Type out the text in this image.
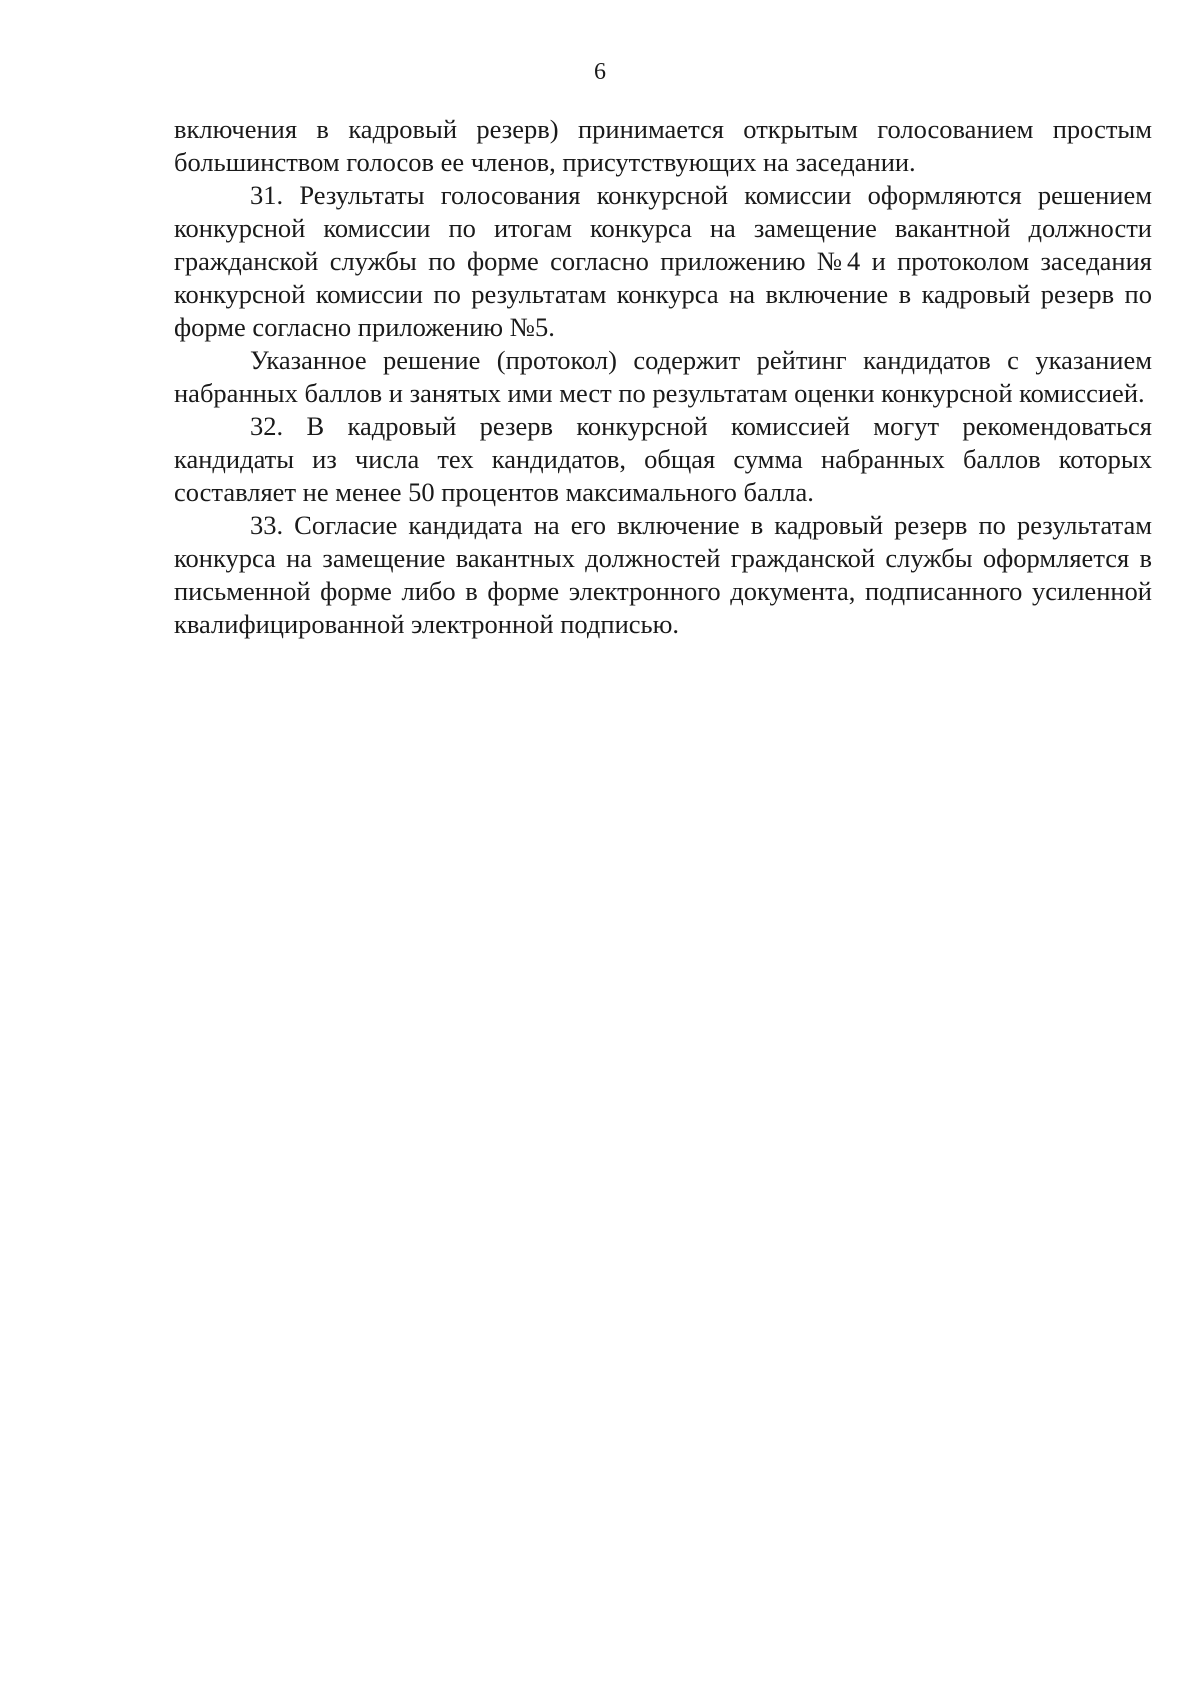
6

включения в кадровый резерв) принимается открытым голосованием простым большинством голосов ее членов, присутствующих на заседании.

31. Результаты голосования конкурсной комиссии оформляются решением конкурсной комиссии по итогам конкурса на замещение вакантной должности гражданской службы по форме согласно приложению №4 и протоколом заседания конкурсной комиссии по результатам конкурса на включение в кадровый резерв по форме согласно приложению №5.

Указанное решение (протокол) содержит рейтинг кандидатов с указанием набранных баллов и занятых ими мест по результатам оценки конкурсной комиссией.

32. В кадровый резерв конкурсной комиссией могут рекомендоваться кандидаты из числа тех кандидатов, общая сумма набранных баллов которых составляет не менее 50 процентов максимального балла.

33. Согласие кандидата на его включение в кадровый резерв по результатам конкурса на замещение вакантных должностей гражданской службы оформляется в письменной форме либо в форме электронного документа, подписанного усиленной квалифицированной электронной подписью.
